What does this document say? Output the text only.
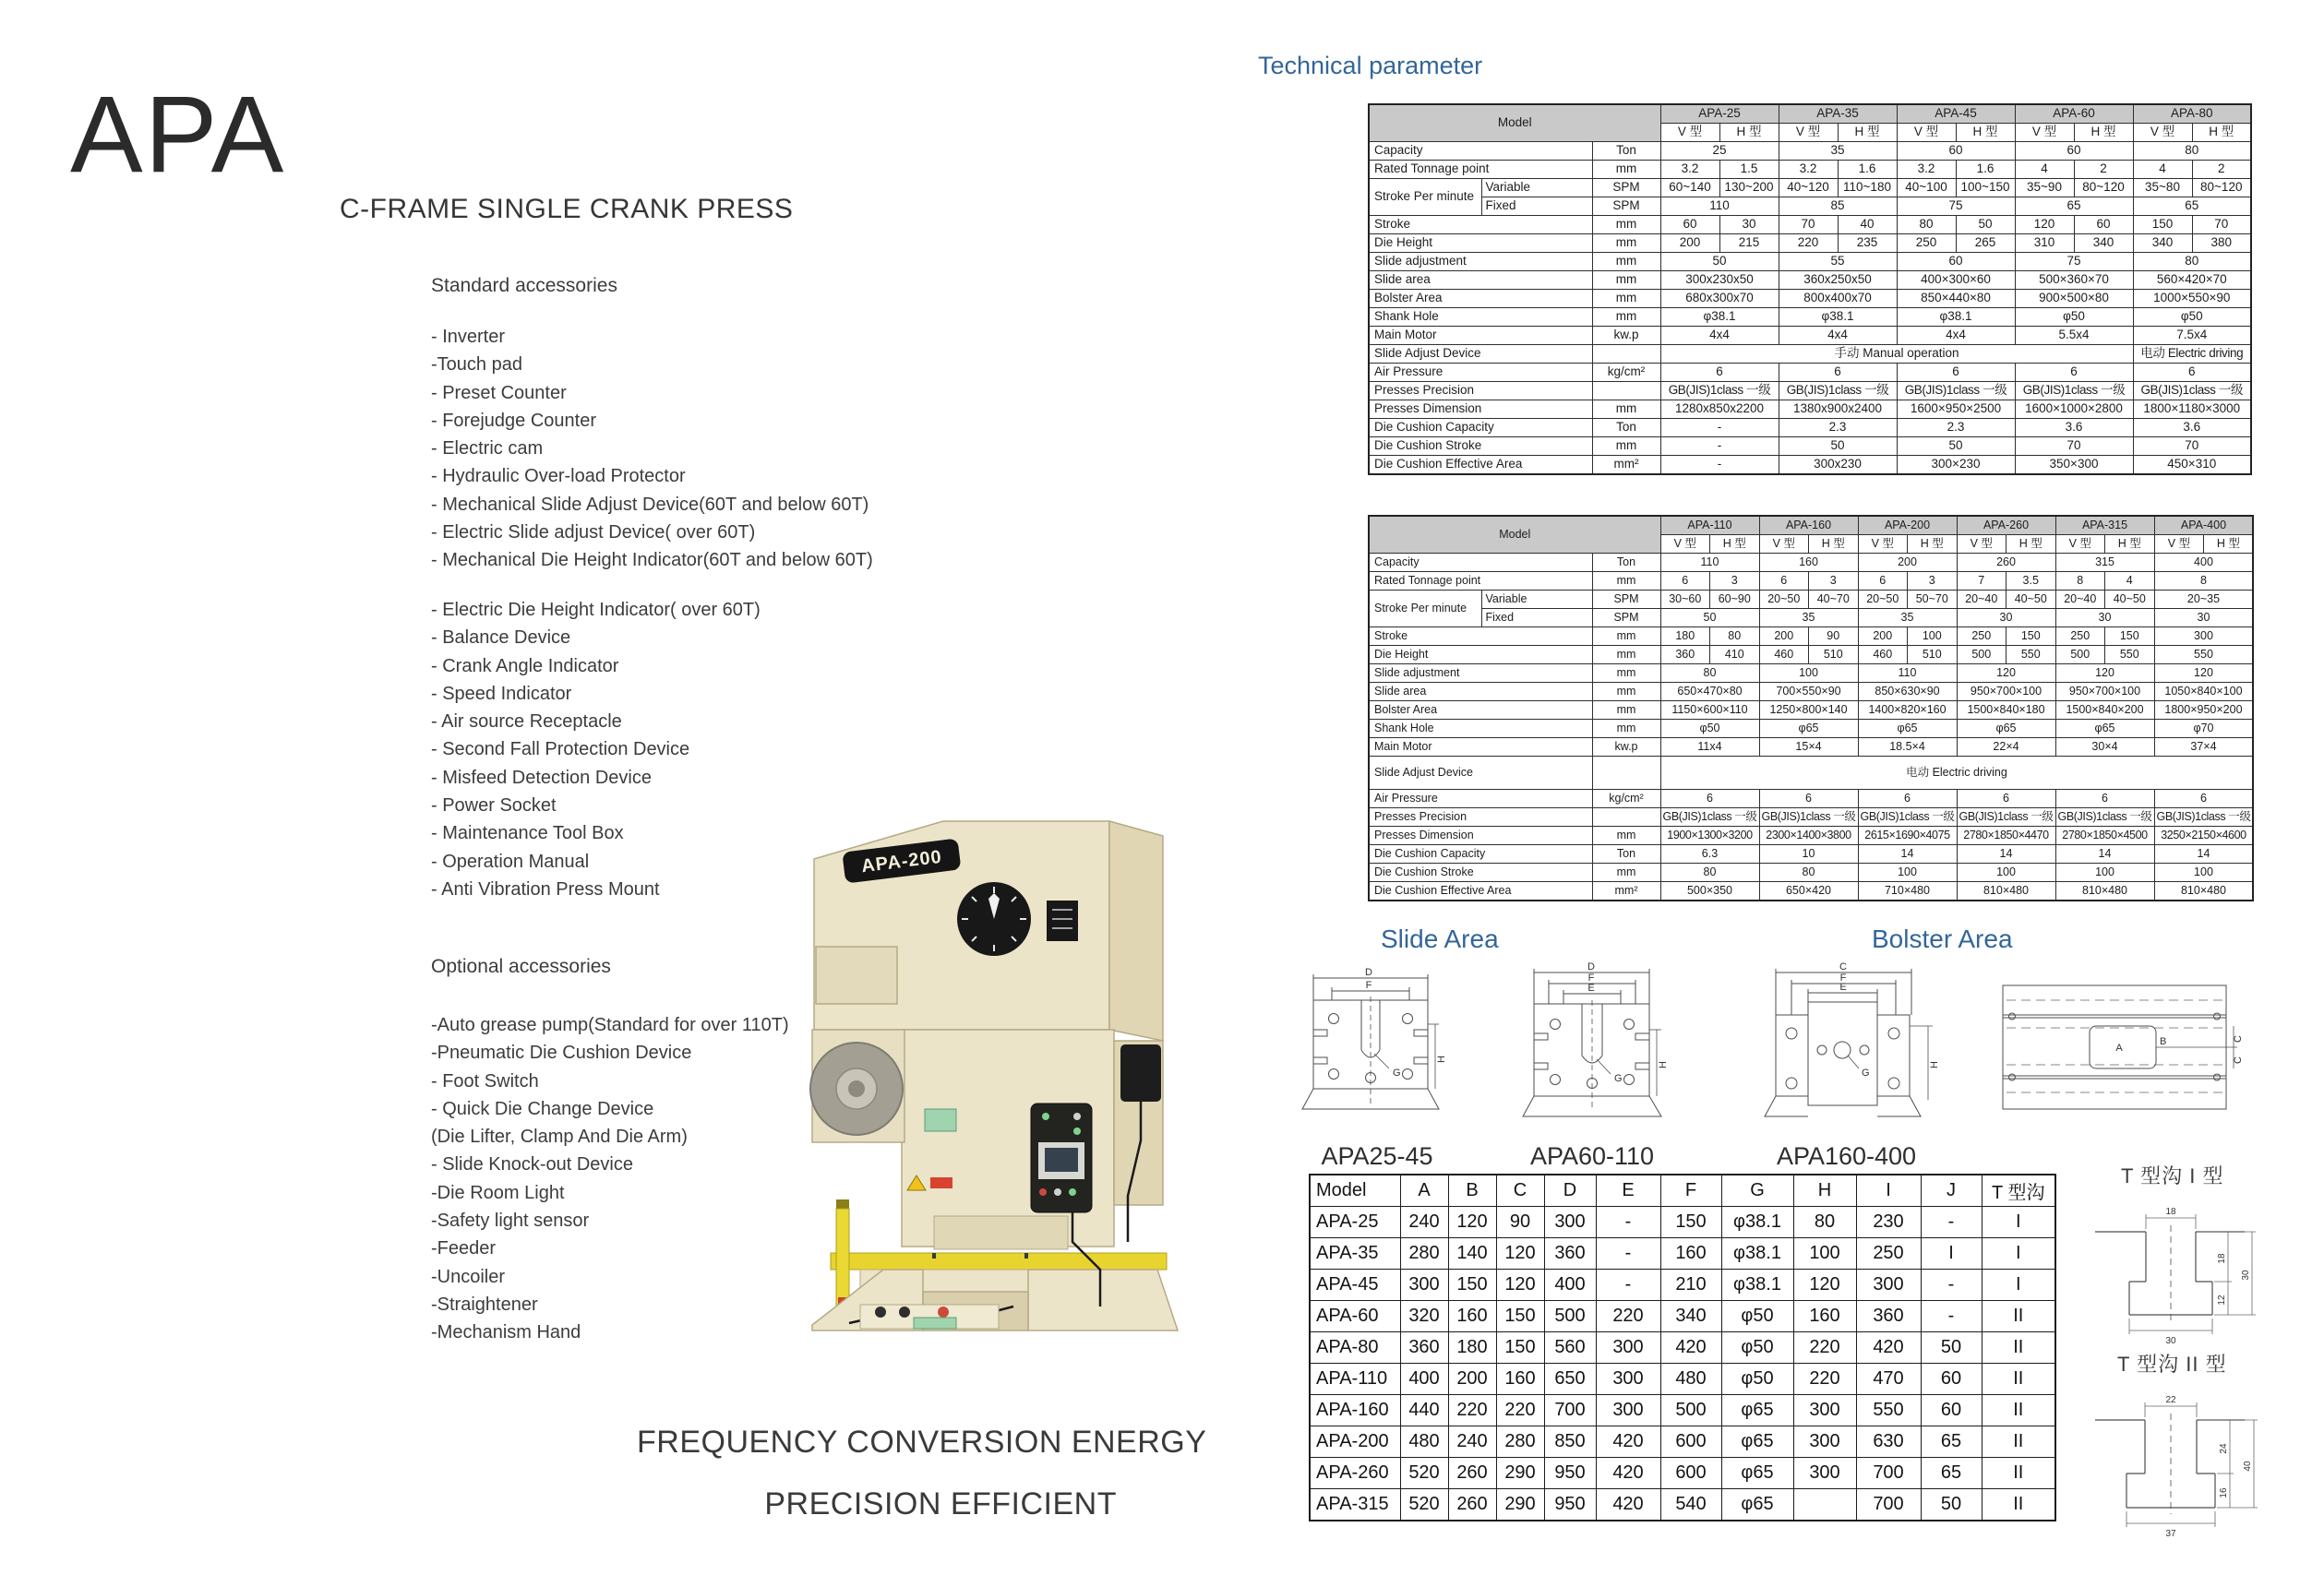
APA
C-FRAME SINGLE CRANK PRESS
Standard accessories
- Inverter
-Touch pad
- Preset Counter
- Forejudge Counter
- Electric cam
- Hydraulic Over-load Protector
- Mechanical Slide Adjust Device(60T and below 60T)
- Electric Slide adjust Device( over 60T)
- Mechanical Die Height Indicator(60T and below 60T)
- Electric Die Height Indicator( over 60T)
- Balance Device
- Crank Angle Indicator
- Speed Indicator
- Air source Receptacle
- Second Fall Protection Device
- Misfeed Detection Device
- Power Socket
- Maintenance Tool Box
- Operation Manual
- Anti Vibration Press Mount
Optional accessories
-Auto grease pump(Standard for over 110T)
-Pneumatic Die Cushion Device
- Foot Switch
- Quick Die Change Device
(Die Lifter, Clamp And Die Arm)
- Slide Knock-out Device
-Die Room Light
-Safety light sensor
-Feeder
-Uncoiler
-Straightener
-Mechanism Hand
APA-200
FREQUENCY CONVERSION ENERGY
PRECISION EFFICIENT
Technical parameter
Model			APA-25		APA-35		APA-45		APA-60		APA-80	
			V 型	H 型	V 型	H 型	V 型	H 型	V 型	H 型	V 型	H 型
Capacity		Ton	25		35		60		60		80	
Rated Tonnage point		mm	3.2	1.5	3.2	1.6	3.2	1.6	4	2	4	2
Stroke Per minute	Variable	SPM	60~140	130~200	40~120	110~180	40~100	100~150	35~90	80~120	35~80	80~120
	Fixed	SPM	110		85		75		65		65	
Stroke		mm	60	30	70	40	80	50	120	60	150	70
Die Height		mm	200	215	220	235	250	265	310	340	340	380
Slide adjustment		mm	50		55		60		75		80	
Slide area		mm	300x230x50		360x250x50		400×300×60		500×360×70		560×420×70	
Bolster Area		mm	680x300x70		800x400x70		850×440×80		900×500×80		1000×550×90	
Shank Hole		mm	φ38.1		φ38.1		φ38.1		φ50		φ50	
Main Motor		kw.p	4x4		4x4		4x4		5.5x4		7.5x4	
Slide Adjust Device			手动 Manual operation								电动 Electric driving	
Air Pressure		kg/cm²	6		6		6		6		6	
Presses Precision			GB(JIS)1class 一级		GB(JIS)1class 一级		GB(JIS)1class 一级		GB(JIS)1class 一级		GB(JIS)1class 一级	
Presses Dimension		mm	1280x850x2200		1380x900x2400		1600×950×2500		1600×1000×2800		1800×1180×3000	
Die Cushion Capacity		Ton	-		2.3		2.3		3.6		3.6	
Die Cushion Stroke		mm	-		50		50		70		70	
Die Cushion Effective Area		mm²	-		300x230		300×230		350×300		450×310	
Model			APA-110		APA-160		APA-200		APA-260		APA-315		APA-400	
			V 型	H 型	V 型	H 型	V 型	H 型	V 型	H 型	V 型	H 型	V 型	H 型
Capacity		Ton	110		160		200		260		315		400	
Rated Tonnage point		mm	6	3	6	3	6	3	7	3.5	8	4	8	
Stroke Per minute	Variable	SPM	30~60	60~90	20~50	40~70	20~50	50~70	20~40	40~50	20~40	40~50	20~35	
	Fixed	SPM	50		35		35		30		30		30	
Stroke		mm	180	80	200	90	200	100	250	150	250	150	300	
Die Height		mm	360	410	460	510	460	510	500	550	500	550	550	
Slide adjustment		mm	80		100		110		120		120		120	
Slide area		mm	650×470×80		700×550×90		850×630×90		950×700×100		950×700×100		1050×840×100	
Bolster Area		mm	1150×600×110		1250×800×140		1400×820×160		1500×840×180		1500×840×200		1800×950×200	
Shank Hole		mm	φ50		φ65		φ65		φ65		φ65		φ70	
Main Motor		kw.p	11x4		15×4		18.5×4		22×4		30×4		37×4	
Slide Adjust Device			电动 Electric driving											
Air Pressure		kg/cm²	6		6		6		6		6		6	
Presses Precision			GB(JIS)1class 一级		GB(JIS)1class 一级		GB(JIS)1class 一级		GB(JIS)1class 一级		GB(JIS)1class 一级		GB(JIS)1class 一级	
Presses Dimension		mm	1900×1300×3200		2300×1400×3800		2615×1690×4075		2780×1850×4470		2780×1850×4500		3250×2150×4600	
Die Cushion Capacity		Ton	6.3		10		14		14		14		14	
Die Cushion Stroke		mm	80		80		100		100		100		100	
Die Cushion Effective Area		mm²	500×350		650×420		710×480		810×480		810×480		810×480	
Slide Area	Bolster Area
D
F
H
G
D
F
E
H
G
C
F
E
H
G
A
B	C
C
APA25-45	APA60-110	APA160-400
Model	A	B	C	D	E	F	G	H	I	J	T 型沟
APA-25	240	120	90	300	-	150	φ38.1	80	230	-	I
APA-35	280	140	120	360	-	160	φ38.1	100	250	I	I
APA-45	300	150	120	400	-	210	φ38.1	120	300	-	I
APA-60	320	160	150	500	220	340	φ50	160	360	-	II
APA-80	360	180	150	560	300	420	φ50	220	420	50	II
APA-110	400	200	160	650	300	480	φ50	220	470	60	II
APA-160	440	220	220	700	300	500	φ65	300	550	60	II
APA-200	480	240	280	850	420	600	φ65	300	630	65	II
APA-260	520	260	290	950	420	600	φ65	300	700	65	II
APA-315	520	260	290	950	420	540	φ65		700	50	II
T 型沟 I 型
18
18
12
30
30
T 型沟 II 型
22
24
16
40
37
